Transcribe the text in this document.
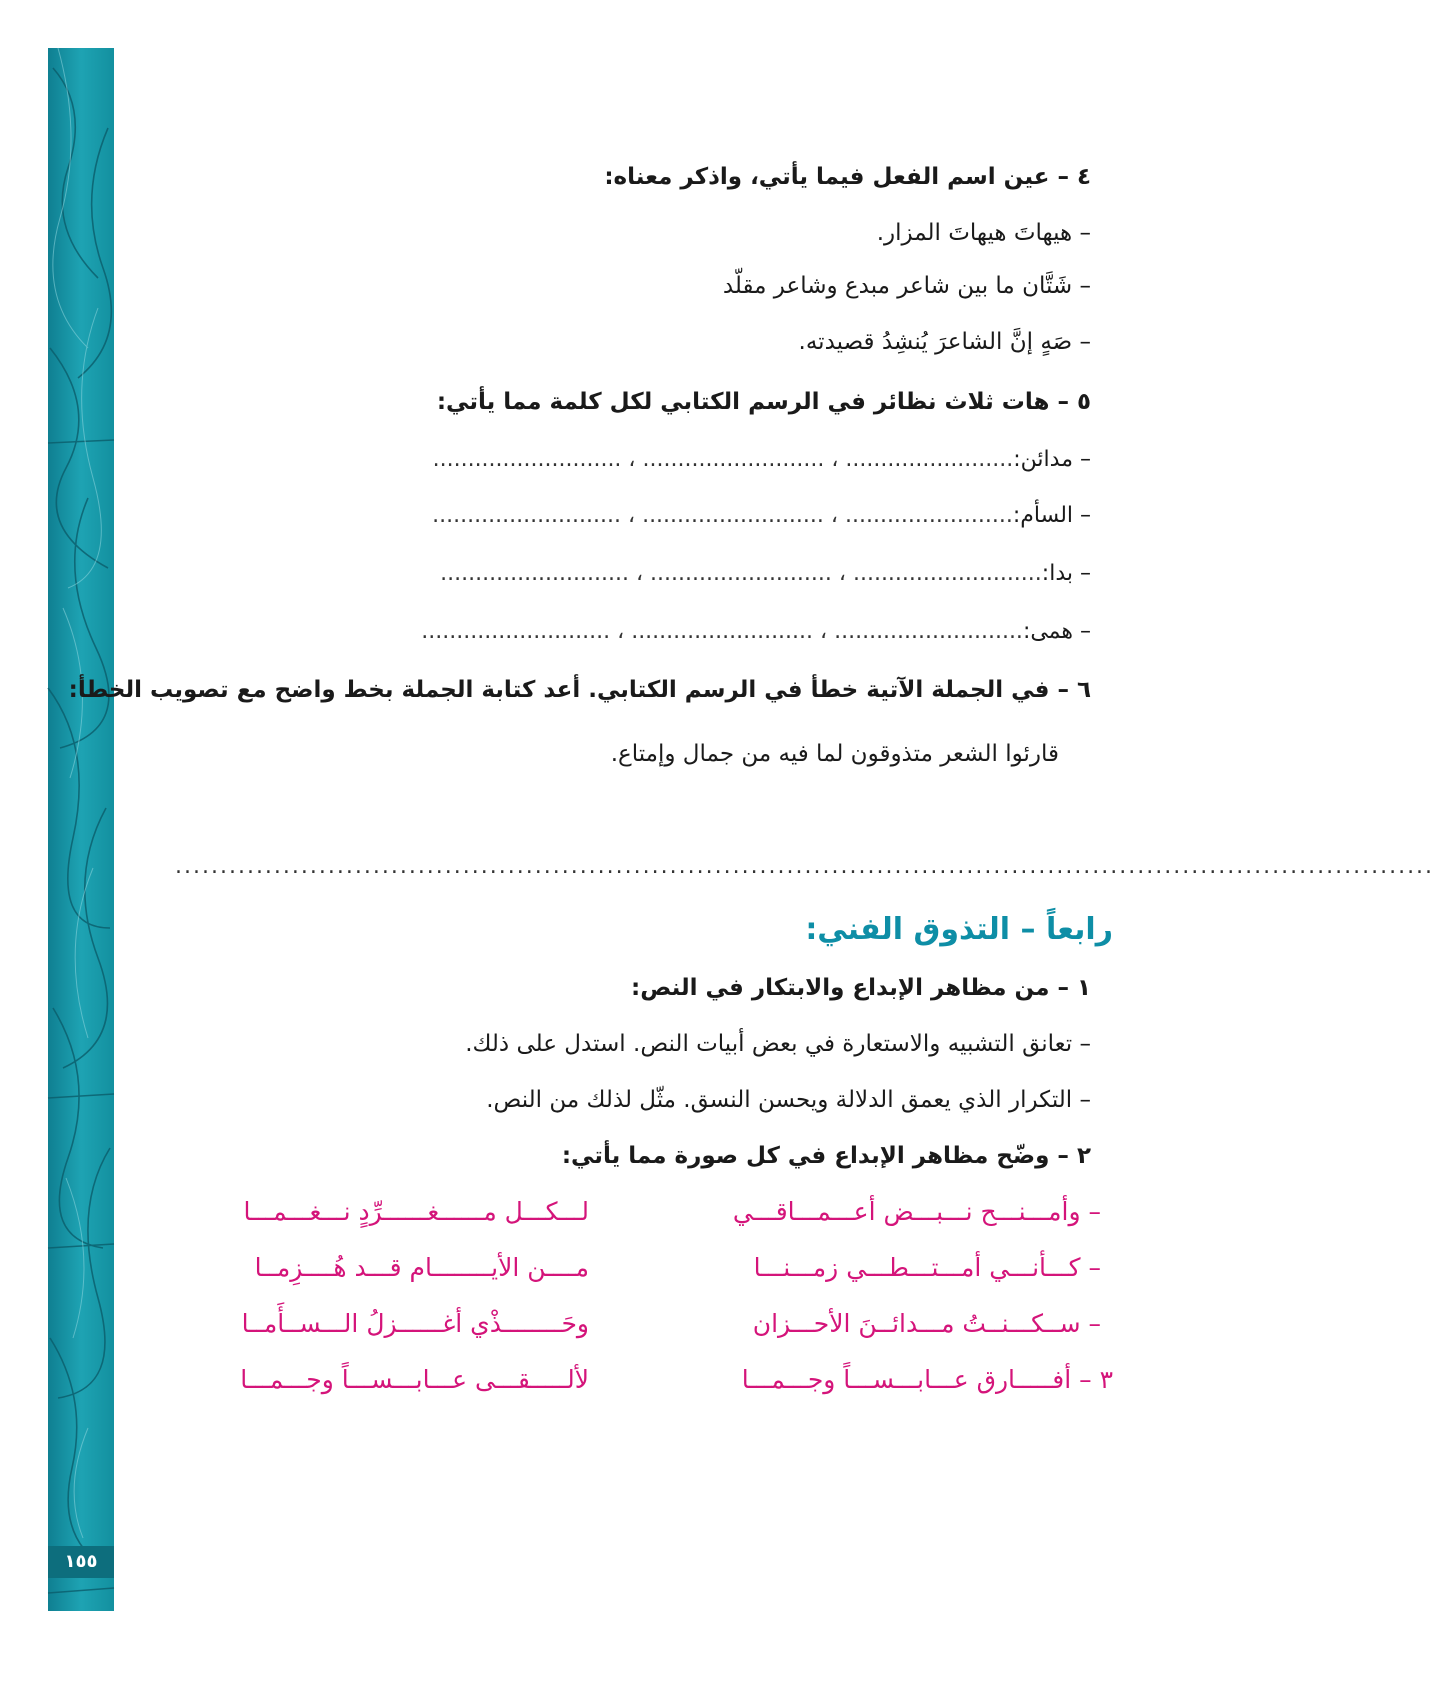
١٥٥
٤ – عين اسم الفعل فيما يأتي، واذكر معناه:
– هيهاتَ هيهاتَ المزار.
– شَتَّان ما بين شاعر مبدع وشاعر مقلّد
– صَهٍ إنَّ الشاعرَ يُنشِدُ قصيدته.
٥ – هات ثلاث نظائر في الرسم الكتابي لكل كلمة مما يأتي:
– مدائن:
........................ ، .......................... ، ...........................
– السأم:
........................ ، .......................... ، ...........................
– بدا:
........................... ، .......................... ، ...........................
– همى:
........................... ، .......................... ، ...........................
٦ – في الجملة الآتية خطأ في الرسم الكتابي. أعد كتابة الجملة بخط واضح مع تصويب الخطأ:
قارئوا الشعر متذوقون لما فيه من جمال وإمتاع.
............................................................................................................................................
رابعاً – التذوق الفني:
١ – من مظاهر الإبداع والابتكار في النص:
– تعانق التشبيه والاستعارة في بعض أبيات النص. استدل على ذلك.
– التكرار الذي يعمق الدلالة ويحسن النسق. مثّل لذلك من النص.
٢ – وضّح مظاهر الإبداع في كل صورة مما يأتي:
– وأمـــنـــح نـــبـــض أعـــمـــاقـــي
لـــكـــل مــــــغــــــرِّدٍ نـــغـــمـــا
– كـــأنـــي أمـــتـــطـــي زمـــنـــا
مــــن الأيــــــــام قـــد هُــــزِمــا
– ســكـــنــتُ مـــدائــنَ الأحـــزان
وحَــــــــذْي أغــــــزلُ الـــســأَمــا
٣ – أفـــــارق عـــابـــســـاً وجـــمـــا
لألـــــقـــى عـــابـــســـاً وجـــمـــا
